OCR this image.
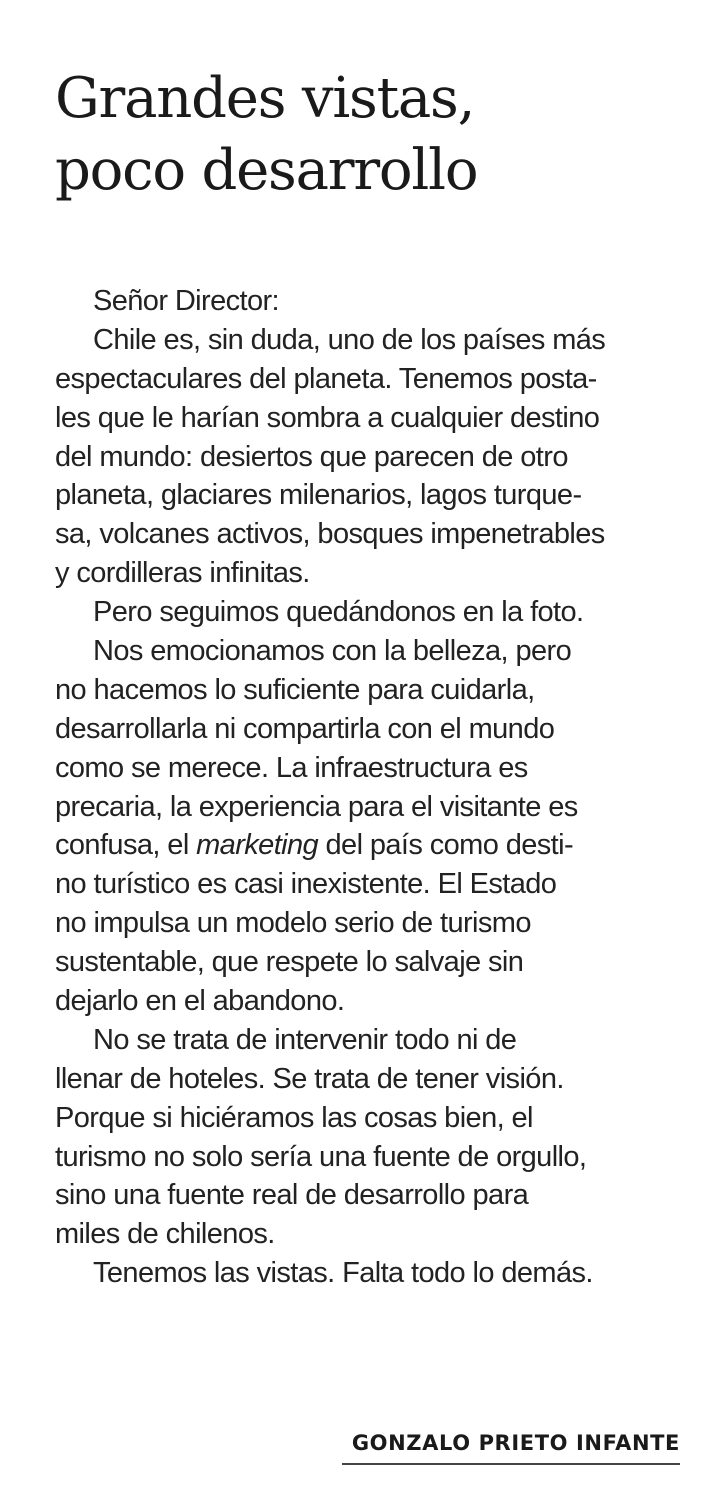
Grandes vistas,
poco desarrollo
Señor Director:
Chile es, sin duda, uno de los países más
espectaculares del planeta. Tenemos posta-
les que le harían sombra a cualquier destino
del mundo: desiertos que parecen de otro
planeta, glaciares milenarios, lagos turque-
sa, volcanes activos, bosques impenetrables
y cordilleras infinitas.
Pero seguimos quedándonos en la foto.
Nos emocionamos con la belleza, pero
no hacemos lo suficiente para cuidarla,
desarrollarla ni compartirla con el mundo
como se merece. La infraestructura es
precaria, la experiencia para el visitante es
confusa, el marketing del país como desti-
no turístico es casi inexistente. El Estado
no impulsa un modelo serio de turismo
sustentable, que respete lo salvaje sin
dejarlo en el abandono.
No se trata de intervenir todo ni de
llenar de hoteles. Se trata de tener visión.
Porque si hiciéramos las cosas bien, el
turismo no solo sería una fuente de orgullo,
sino una fuente real de desarrollo para
miles de chilenos.
Tenemos las vistas. Falta todo lo demás.
GONZALO PRIETO INFANTE
